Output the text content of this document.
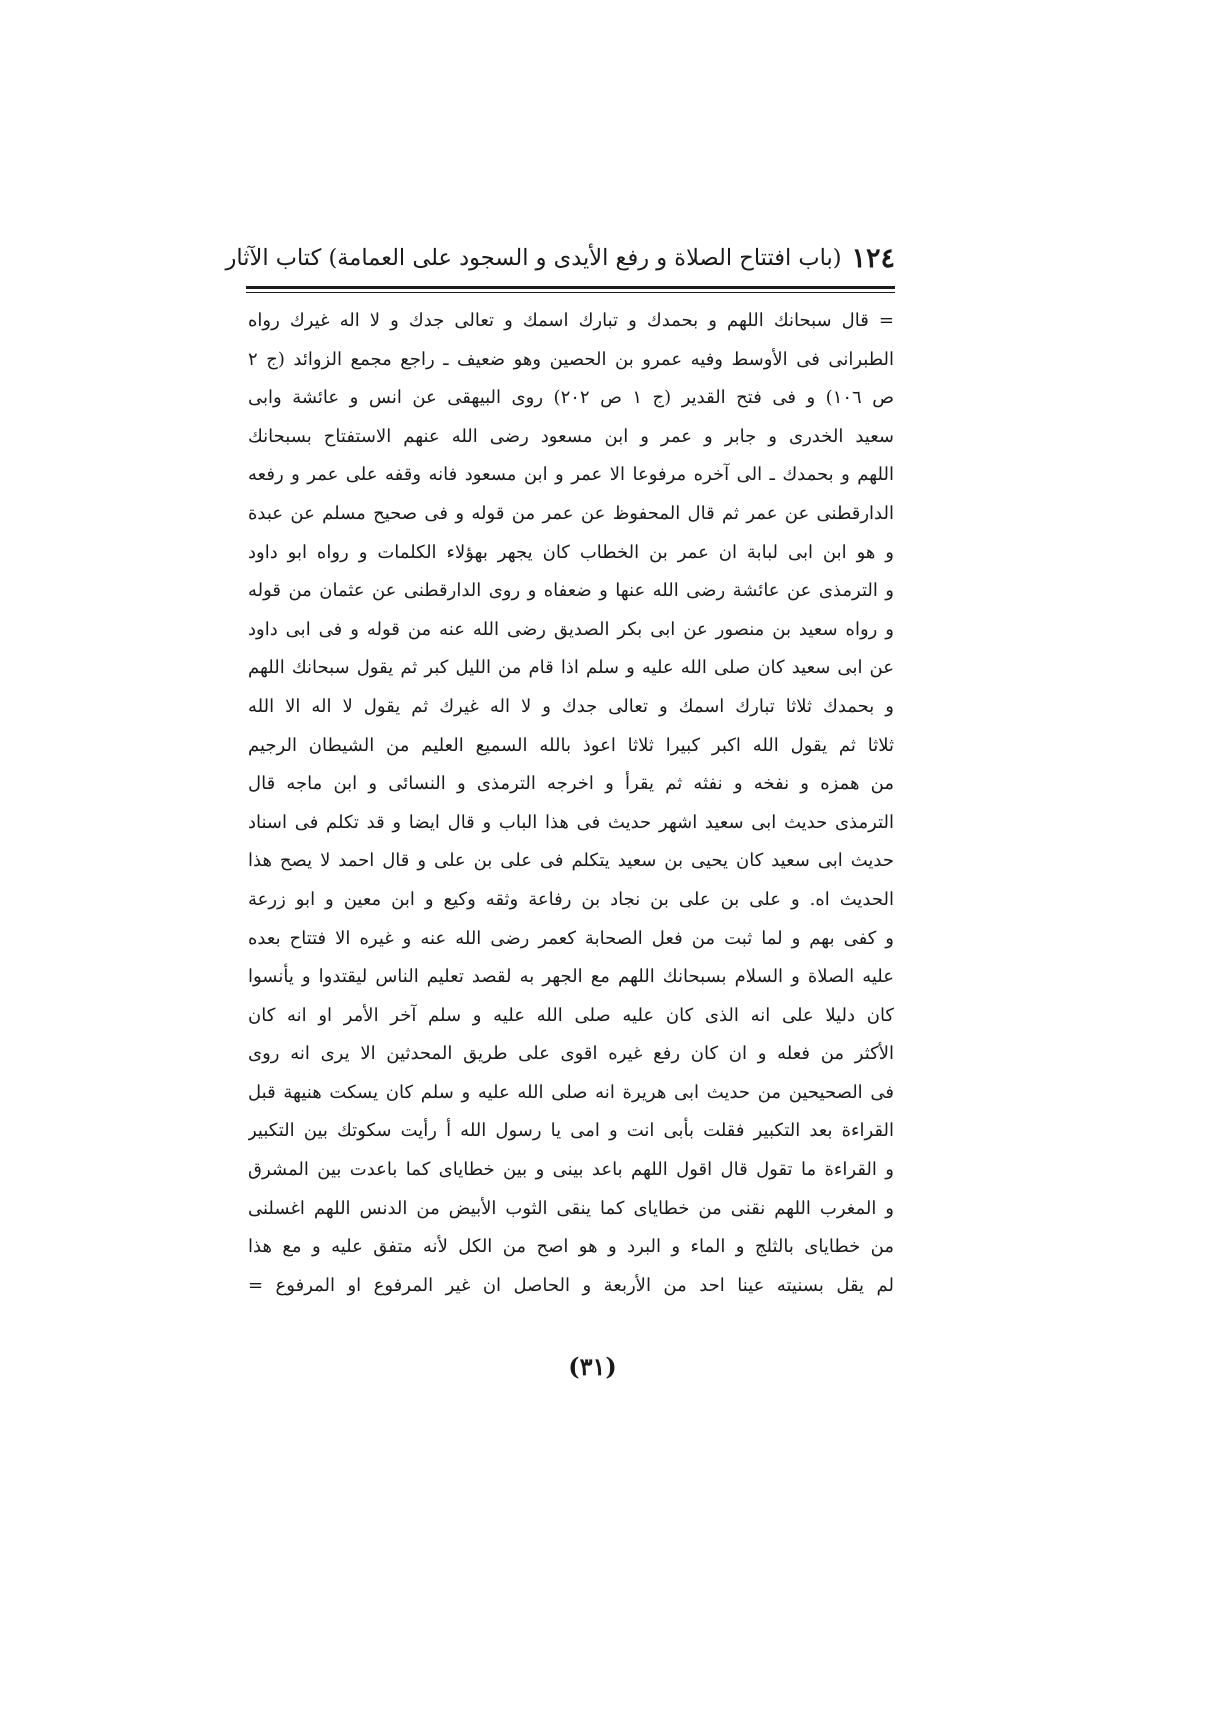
١٢٤
(باب افتتاح الصلاة و رفع الأيدى و السجود على العمامة) كتاب الآثار
= قال سبحانك اللهم و بحمدك و تبارك اسمك و تعالى جدك و لا اله غيرك رواه
الطبرانى فى الأوسط وفيه عمرو بن الحصين وهو ضعيف ـ راجع مجمع الزوائد (ج ٢
ص ١٠٦) و فى فتح القدير (ج ١ ص ٢٠٢) روى البيهقى عن انس و عائشة وابى
سعيد الخدرى و جابر و عمر و ابن مسعود رضى الله عنهم الاستفتاح بسبحانك
اللهم و بحمدك ـ الى آخره مرفوعا الا عمر و ابن مسعود فانه وقفه على عمر و رفعه
الدارقطنى عن عمر ثم قال المحفوظ عن عمر من قوله و فى صحيح مسلم عن عبدة
و هو ابن ابى لبابة ان عمر بن الخطاب كان يجهر بهؤلاء الكلمات و رواه ابو داود
و الترمذى عن عائشة رضى الله عنها و ضعفاه و روى الدارقطنى عن عثمان من قوله
و رواه سعيد بن منصور عن ابى بكر الصديق رضى الله عنه من قوله و فى ابى داود
عن ابى سعيد كان صلى الله عليه و سلم اذا قام من الليل كبر ثم يقول سبحانك اللهم
و بحمدك ثلاثا تبارك اسمك و تعالى جدك و لا اله غيرك ثم يقول لا اله الا الله
ثلاثا ثم يقول الله اكبر كبيرا ثلاثا اعوذ بالله السميع العليم من الشيطان الرجيم
من همزه و نفخه و نفثه ثم يقرأ و اخرجه الترمذى و النسائى و ابن ماجه قال
الترمذى حديث ابى سعيد اشهر حديث فى هذا الباب و قال ايضا و قد تكلم فى اسناد
حديث ابى سعيد كان يحيى بن سعيد يتكلم فى على بن على و قال احمد لا يصح هذا
الحديث اه. و على بن على بن نجاد بن رفاعة وثقه وكيع و ابن معين و ابو زرعة
و كفى بهم و لما ثبت من فعل الصحابة كعمر رضى الله عنه و غيره الا فتتاح بعده
عليه الصلاة و السلام بسبحانك اللهم مع الجهر به لقصد تعليم الناس ليقتدوا و يأنسوا
كان دليلا على انه الذى كان عليه صلى الله عليه و سلم آخر الأمر او انه كان
الأكثر من فعله و ان كان رفع غيره اقوى على طريق المحدثين الا يرى انه روى
فى الصحيحين من حديث ابى هريرة انه صلى الله عليه و سلم كان يسكت هنيهة قبل
القراءة بعد التكبير فقلت بأبى انت و امى يا رسول الله أ رأيت سكوتك بين التكبير
و القراءة ما تقول قال اقول اللهم باعد بينى و بين خطاياى كما باعدت بين المشرق
و المغرب اللهم نقنى من خطاياى كما ينقى الثوب الأبيض من الدنس اللهم اغسلنى
من خطاياى بالثلج و الماء و البرد و هو اصح من الكل لأنه متفق عليه و مع هذا
لم يقل بسنيته عينا احد من الأربعة و الحاصل ان غير المرفوع او المرفوع =
(٣١)
